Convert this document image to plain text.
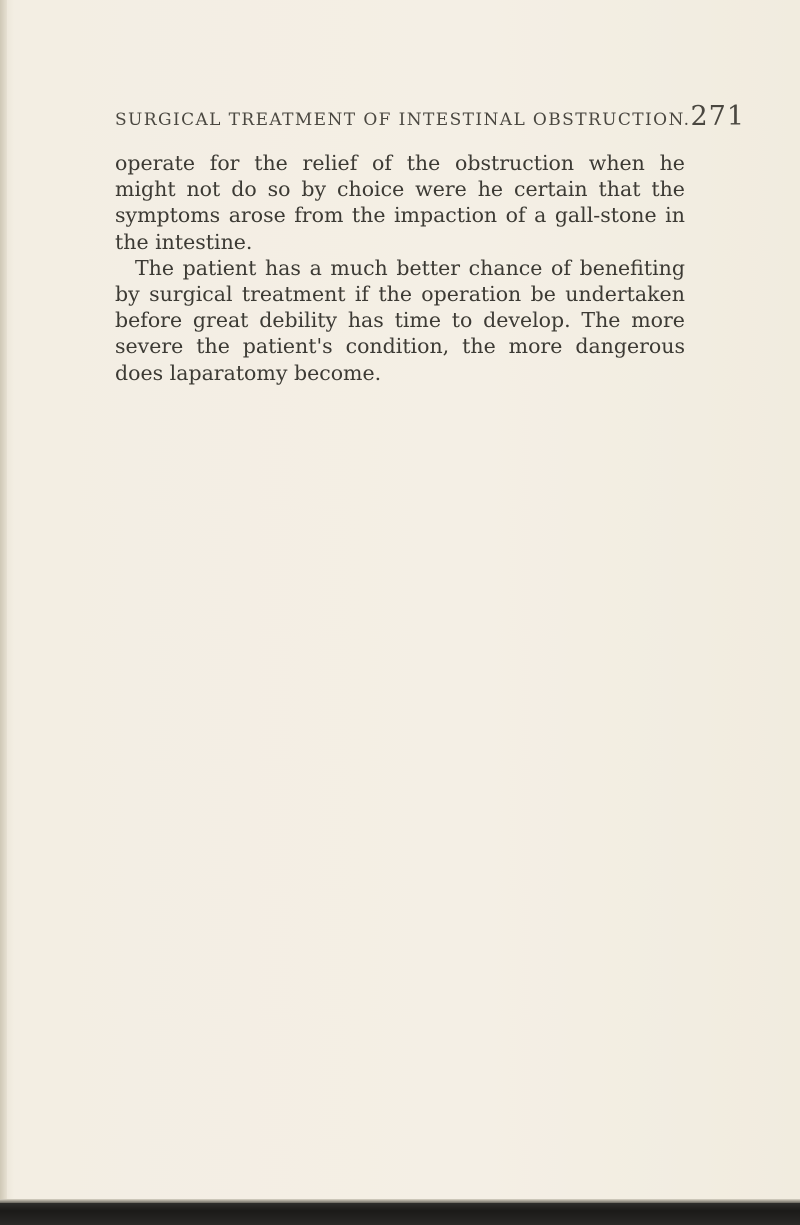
SURGICAL TREATMENT OF INTESTINAL OBSTRUCTION. 271
operate for the relief of the obstruction when he
might not do so by choice were he certain that the
symptoms arose from the impaction of a gall-stone in
the intestine.
The patient has a much better chance of benefiting
by surgical treatment if the operation be undertaken
before great debility has time to develop. The more
severe the patient's condition, the more dangerous
does laparatomy become.
